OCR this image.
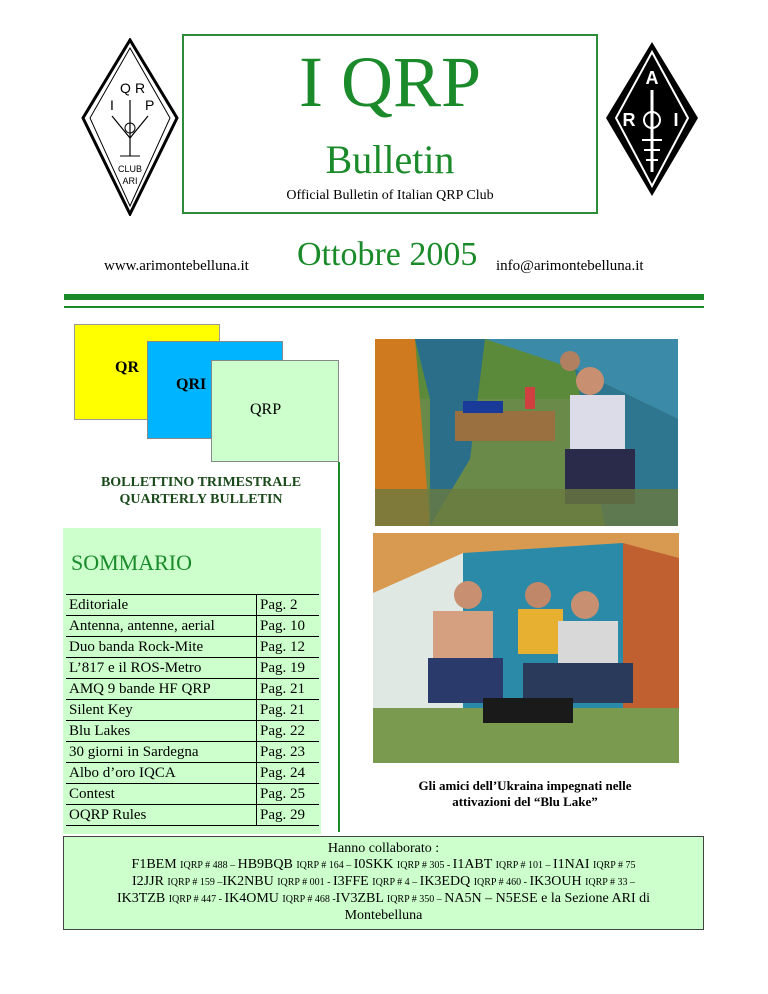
I
Q R
P
CLUB
ARI
I QRP
Bulletin
Official Bulletin of Italian QRP Club
A
R I
www.arimontebelluna.it Ottobre 2005 info@arimontebelluna.it
QR
QRI
QRP
BOLLETTINO TRIMESTRALE
QUARTERLY BULLETIN
SOMMARIO
Editoriale	Pag. 2
Antenna, antenne, aerial	Pag. 10
Duo banda Rock-Mite	Pag. 12
L’817 e il ROS-Metro	Pag. 19
AMQ 9 bande HF QRP	Pag. 21
Silent Key	Pag. 21
Blu Lakes	Pag. 22
30 giorni in Sardegna	Pag. 23
Albo d’oro IQCA	Pag. 24
Contest	Pag. 25
OQRP Rules	Pag. 29
Gli amici dell’Ukraina impegnati nelle
attivazioni del “Blu Lake”
Hanno collaborato :
F1BEM IQRP # 488 – HB9BQB IQRP # 164 – I0SKK IQRP # 305 - I1ABT IQRP # 101 – I1NAI IQRP # 75
I2JJR IQRP # 159 –IK2NBU IQRP # 001 - I3FFE IQRP # 4 – IK3EDQ IQRP # 460 - IK3OUH IQRP # 33 –
IK3TZB IQRP # 447 - IK4OMU IQRP # 468 -IV3ZBL IQRP # 350 – NA5N – N5ESE e la Sezione ARI di
Montebelluna
